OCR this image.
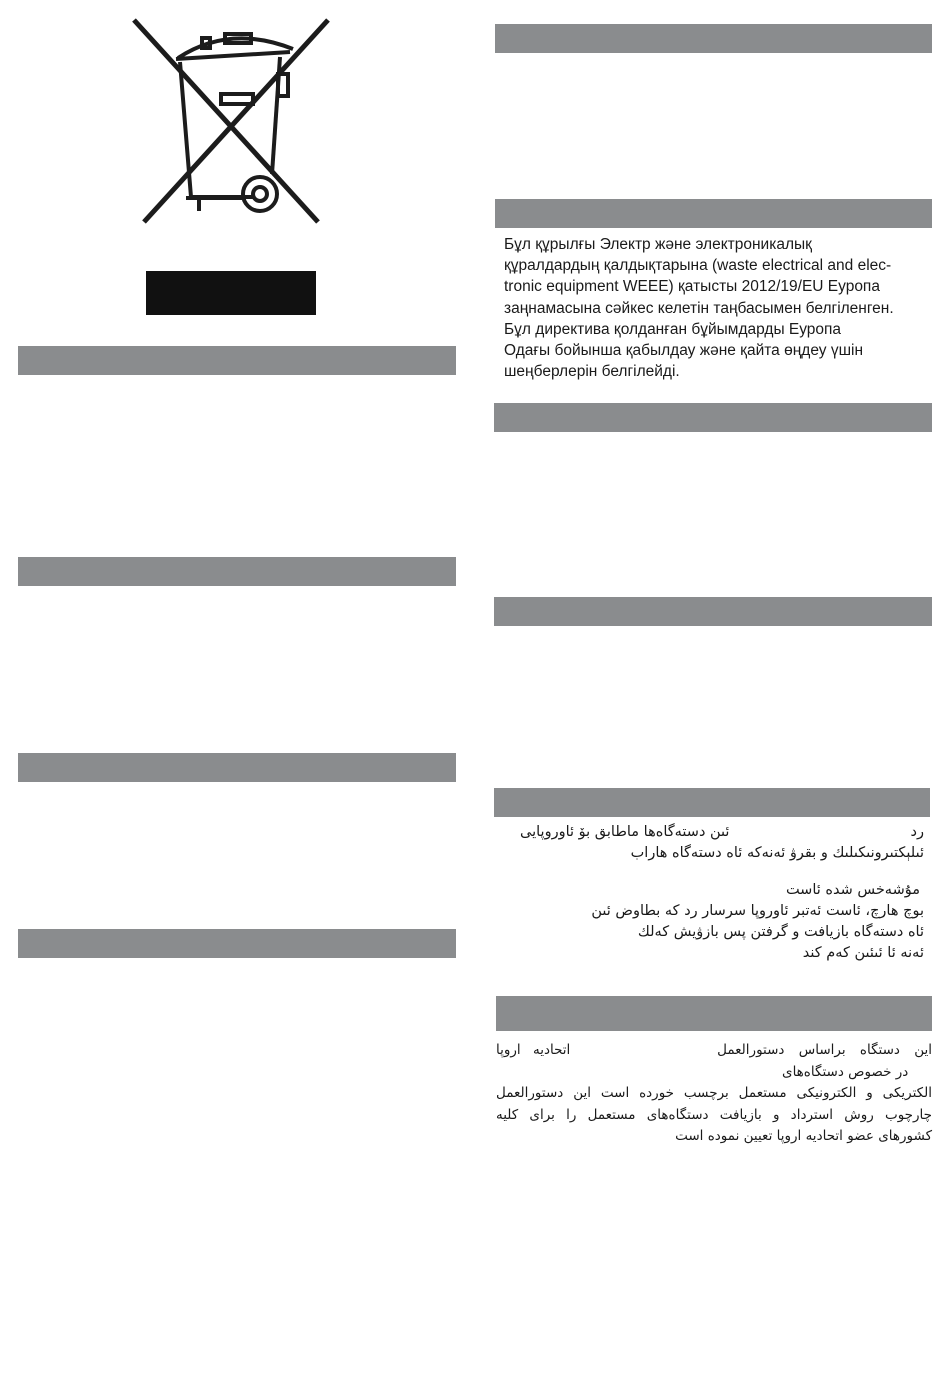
Бұл құрылғы Электр және электроникалық
құралдардың қалдықтарына (waste electrical and elec-
tronic equipment WEEE) қатысты 2012/19/EU Еуропа
заңнамасына сәйкес келетін таңбасымен белгіленген.
Бұл директива қолданған бұйымдарды Еуропа
Одағы бойынша қабылдау және қайта өңдеу үшін
шеңберлерін белгілейді.
رد
ئىن دسته‌گاه‌ها ماطابق بۆ ئاوروپايى
ئىلېكتىرونىكىلىك و بقرۋ ئه‌نه‌كه ئاه دسته‌گاه ھاراب
مۇشه‌خس شده‌ ئاست
بوچ هارچ، ئاست ئه‌تبر ئاوروپا سرسار رد كه بطاوض ئىن
ئاه دسته‌گاه بازيافت و گرفتن پس بازۋيش كەلك
ئه‌نه ئا ئىئىن كەم كند
این دستگاه براساس دستورالعمل
اتحادیه اروپا
در خصوص دستگاه‌های
الکتریکی و الکترونیکی مستعمل برچسب خورده است این دستورالعمل
چارچوب روش استرداد و بازیافت دستگاه‌های مستعمل را برای کلیه
کشورهای عضو اتحادیه اروپا تعیین نموده است
